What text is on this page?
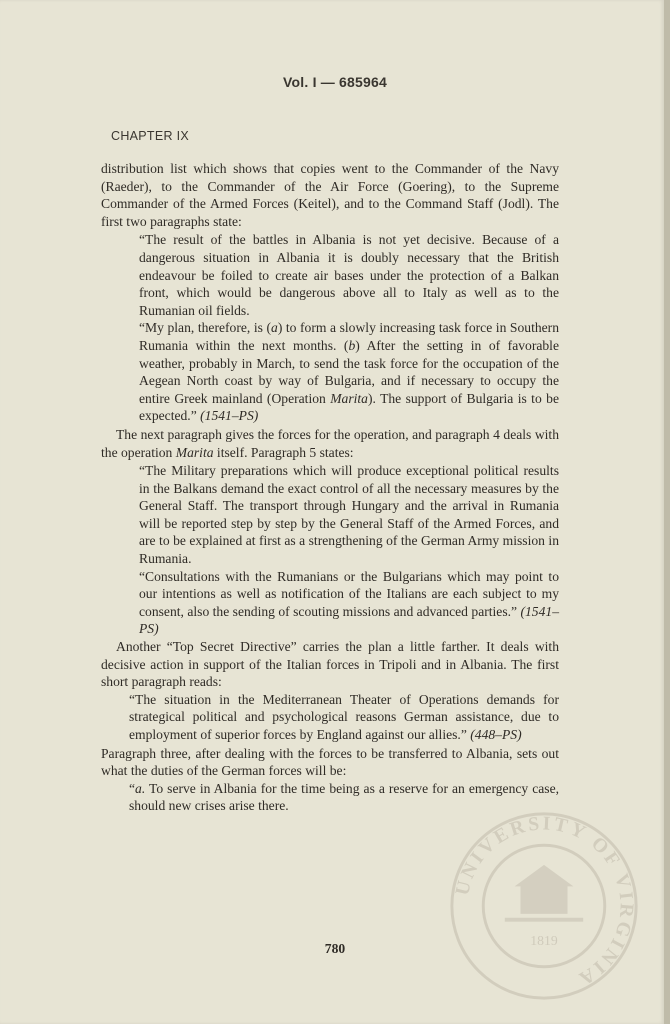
Vol. I — 685964
CHAPTER IX

distribution list which shows that copies went to the Commander of the Navy (Raeder), to the Commander of the Air Force (Goering), to the Supreme Commander of the Armed Forces (Keitel), and to the Command Staff (Jodl). The first two paragraphs state:

“The result of the battles in Albania is not yet decisive. Because of a dangerous situation in Albania it is doubly necessary that the British endeavour be foiled to create air bases under the protection of a Balkan front, which would be dangerous above all to Italy as well as to the Rumanian oil fields.

“My plan, therefore, is (a) to form a slowly increasing task force in Southern Rumania within the next months. (b) After the setting in of favorable weather, probably in March, to send the task force for the occupation of the Aegean North coast by way of Bulgaria, and if necessary to occupy the entire Greek mainland (Operation Marita). The support of Bulgaria is to be expected.” (1541–PS)

The next paragraph gives the forces for the operation, and paragraph 4 deals with the operation Marita itself. Paragraph 5 states:

“The Military preparations which will produce exceptional political results in the Balkans demand the exact control of all the necessary measures by the General Staff. The transport through Hungary and the arrival in Rumania will be reported step by step by the General Staff of the Armed Forces, and are to be explained at first as a strengthening of the German Army mission in Rumania.

“Consultations with the Rumanians or the Bulgarians which may point to our intentions as well as notification of the Italians are each subject to my consent, also the sending of scouting missions and advanced parties.” (1541–PS)

Another “Top Secret Directive” carries the plan a little farther. It deals with decisive action in support of the Italian forces in Tripoli and in Albania. The first short paragraph reads:

“The situation in the Mediterranean Theater of Operations demands for strategical political and psychological reasons German assistance, due to employment of superior forces by England against our allies.” (448–PS)

Paragraph three, after dealing with the forces to be transferred to Albania, sets out what the duties of the German forces will be:

“a. To serve in Albania for the time being as a reserve for an emergency case, should new crises arise there.

780
UNIVERSITY OF VIRGINIA
1819
